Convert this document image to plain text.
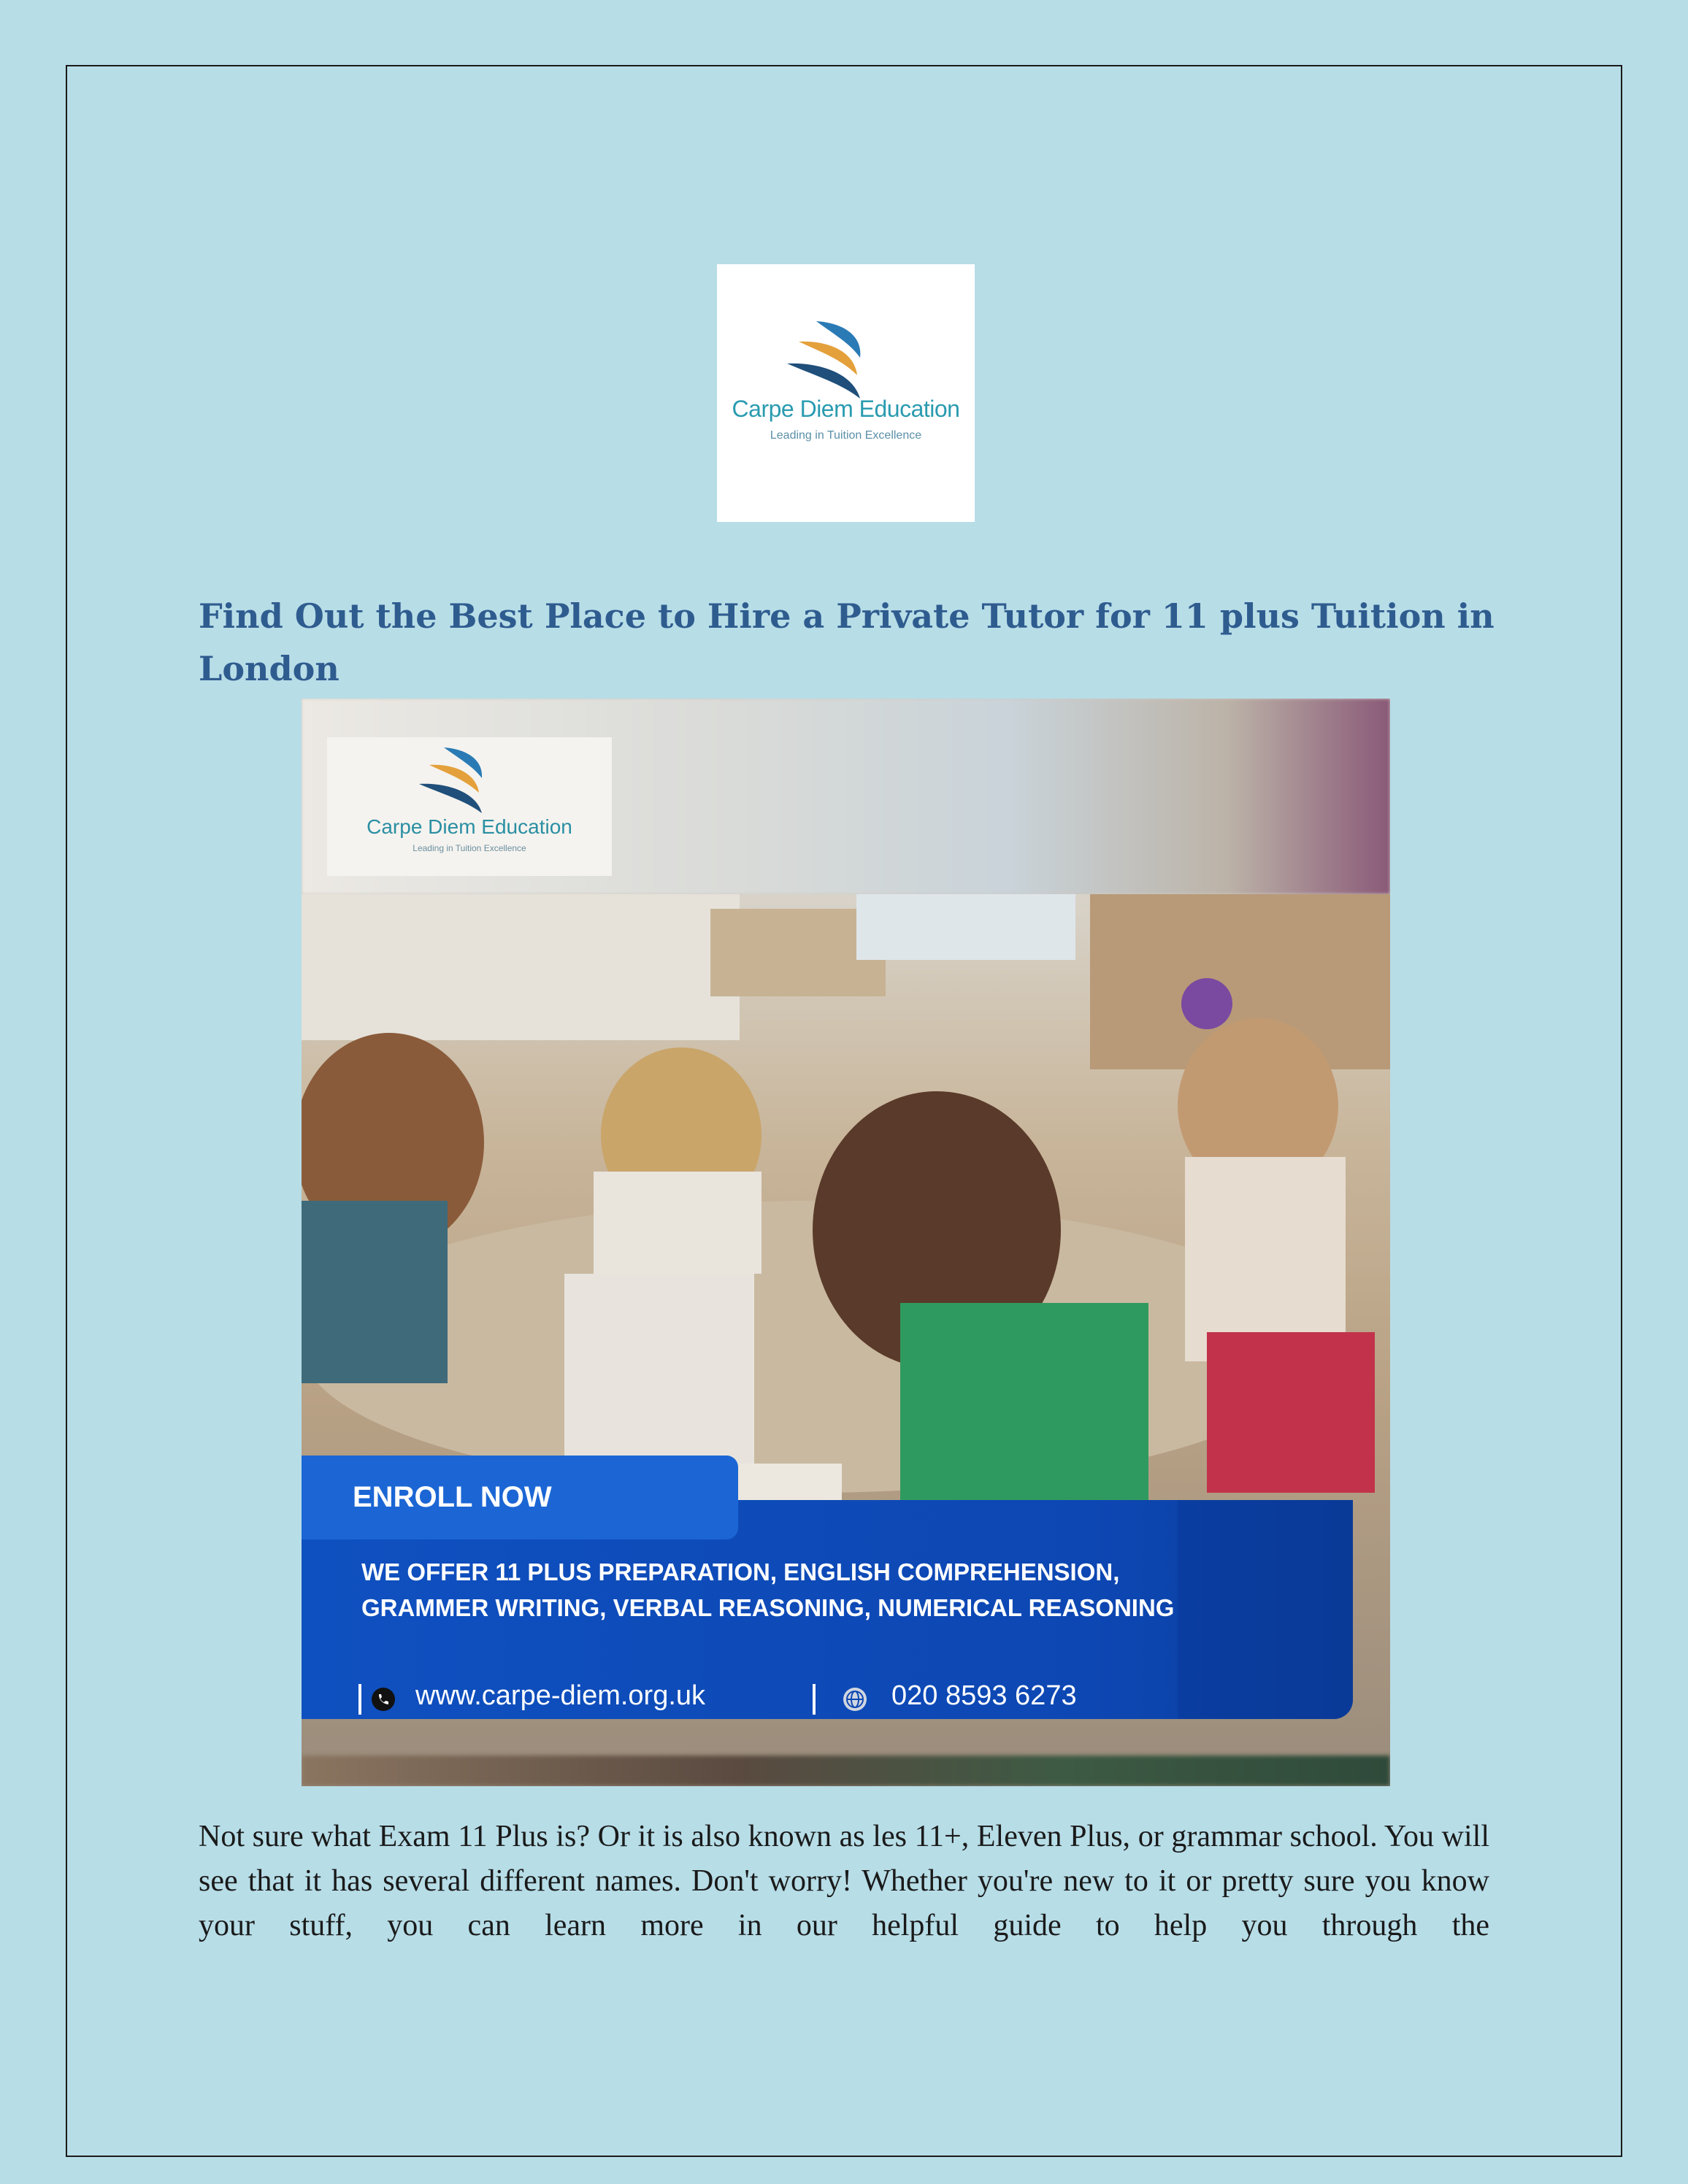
Carpe Diem Education
Leading in Tuition Excellence
Find Out the Best Place to Hire a Private Tutor for 11 plus Tuition in London
Carpe Diem Education
Leading in Tuition Excellence
ENROLL NOW

WE OFFER 11 PLUS PREPARATION, ENGLISH COMPREHENSION, GRAMMER WRITING, VERBAL REASONING, NUMERICAL REASONING

www.carpe-diem.org.uk	020 8593 6273

Not sure what Exam 11 Plus is? Or it is also known as les 11+, Eleven Plus, or grammar school. You will see that it has several different names. Don't worry! Whether you're new to it or pretty sure you know your stuff, you can learn more in our helpful guide to help you through the
